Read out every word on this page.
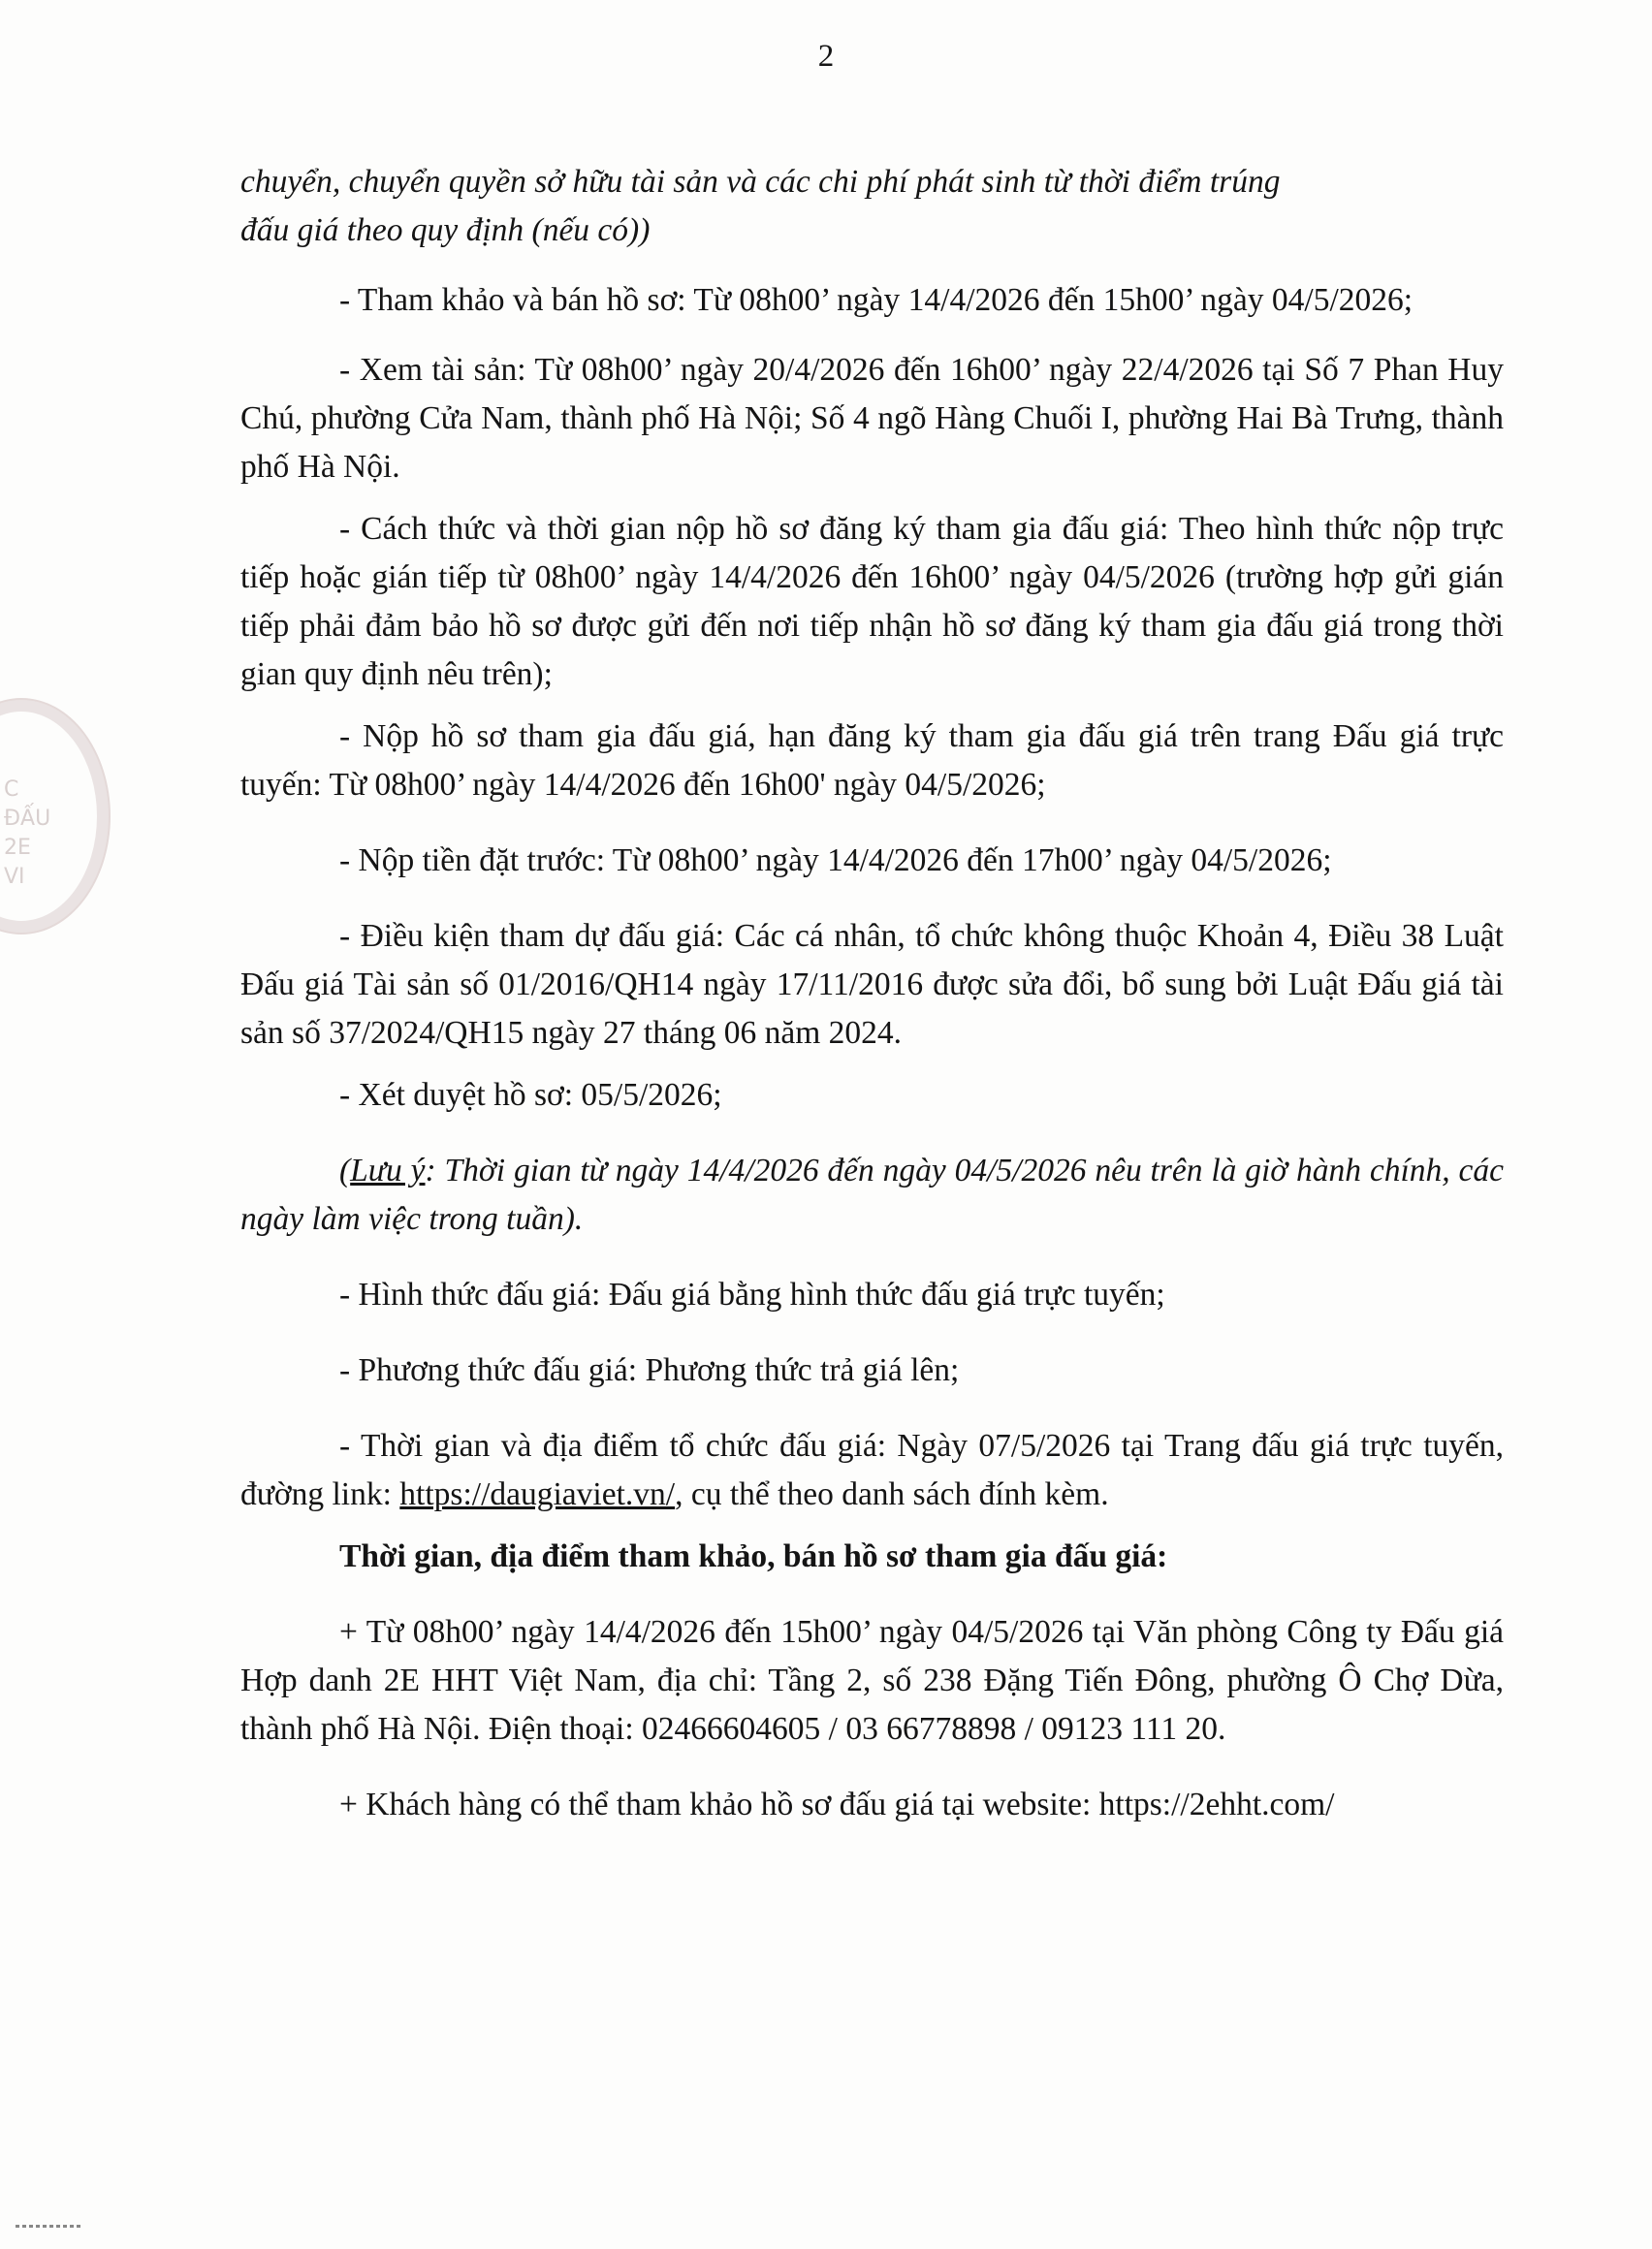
2
C
ĐẤU
2E
VI

chuyển, chuyển quyền sở hữu tài sản và các chi phí phát sinh từ thời điểm trúng
đấu giá theo quy định (nếu có))

- Tham khảo và bán hồ sơ: Từ 08h00’ ngày 14/4/2026 đến 15h00’ ngày 04/5/2026;

- Xem tài sản: Từ 08h00’ ngày 20/4/2026 đến 16h00’ ngày 22/4/2026 tại Số 7 Phan Huy Chú, phường Cửa Nam, thành phố Hà Nội; Số 4 ngõ Hàng Chuối I, phường Hai Bà Trưng, thành phố Hà Nội.

- Cách thức và thời gian nộp hồ sơ đăng ký tham gia đấu giá: Theo hình thức nộp trực tiếp hoặc gián tiếp từ 08h00’ ngày 14/4/2026 đến 16h00’ ngày 04/5/2026 (trường hợp gửi gián tiếp phải đảm bảo hồ sơ được gửi đến nơi tiếp nhận hồ sơ đăng ký tham gia đấu giá trong thời gian quy định nêu trên);

- Nộp hồ sơ tham gia đấu giá, hạn đăng ký tham gia đấu giá trên trang Đấu giá trực tuyến: Từ 08h00’ ngày 14/4/2026 đến 16h00' ngày 04/5/2026;

- Nộp tiền đặt trước: Từ 08h00’ ngày 14/4/2026 đến 17h00’ ngày 04/5/2026;

- Điều kiện tham dự đấu giá: Các cá nhân, tổ chức không thuộc Khoản 4, Điều 38 Luật Đấu giá Tài sản số 01/2016/QH14 ngày 17/11/2016 được sửa đổi, bổ sung bởi Luật Đấu giá tài sản số 37/2024/QH15 ngày 27 tháng 06 năm 2024.

- Xét duyệt hồ sơ: 05/5/2026;

(Lưu ý: Thời gian từ ngày 14/4/2026 đến ngày 04/5/2026 nêu trên là giờ hành chính, các ngày làm việc trong tuần).

- Hình thức đấu giá: Đấu giá bằng hình thức đấu giá trực tuyến;

- Phương thức đấu giá: Phương thức trả giá lên;

- Thời gian và địa điểm tổ chức đấu giá: Ngày 07/5/2026 tại Trang đấu giá trực tuyến, đường link: https://daugiaviet.vn/, cụ thể theo danh sách đính kèm.

Thời gian, địa điểm tham khảo, bán hồ sơ tham gia đấu giá:

+ Từ 08h00’ ngày 14/4/2026 đến 15h00’ ngày 04/5/2026 tại Văn phòng Công ty Đấu giá Hợp danh 2E HHT Việt Nam, địa chỉ: Tầng 2, số 238 Đặng Tiến Đông, phường Ô Chợ Dừa, thành phố Hà Nội. Điện thoại: 02466604605 / 03 66778898 / 09123 111 20.

+ Khách hàng có thể tham khảo hồ sơ đấu giá tại website: https://2ehht.com/
